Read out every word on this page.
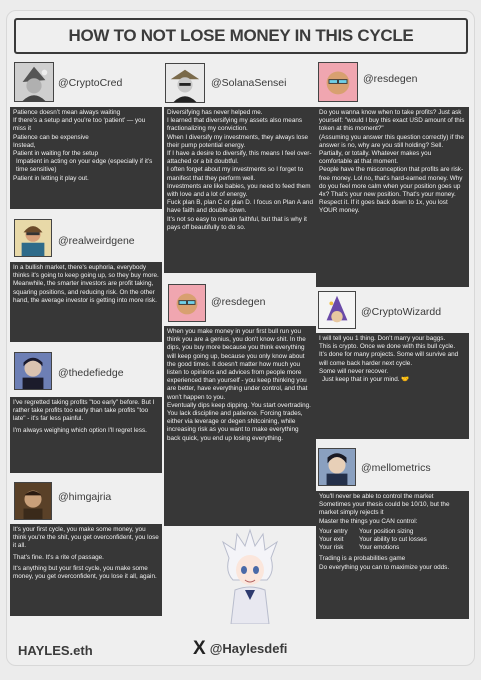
HOW TO NOT LOSE MONEY IN THIS CYCLE
@CryptoCred

Patience doesn’t mean always waiting

If there’s a setup and you’re too ‘patient’ — you miss it

Patience can be expensive

Instead,

Patient in waiting for the setup

Impatient in acting on your edge (especially if it’s time sensitive)

Patient in letting it play out.

@realweirdgene

In a bullish market, there's euphoria, everybody thinks it's going to keep going up, so they buy more.

Meanwhile, the smarter investors are profit taking, squaring positions, and reducing risk. On the other hand, the average investor is getting into more risk.

@thedefiedge

I've regretted taking profits "too early" before. But I rather take profits too early than take profits "too late" - it's far less painful.

I'm always weighing which option I'll regret less.

@himgajria

It's your first cycle, you make some money, you think you're the shit, you get overconfident, you lose it all.

That's fine. It's a rite of passage.

It's anything but your first cycle, you make some money, you get overconfident, you lose it all, again.

@SolanaSensei

Diversifying has never helped me.

I learned that diversifying my assets also means fractionalizing my conviction.

When I diversify my investments, they always lose their pump potential energy.

If I have a desire to diversify, this means I feel over-attached or a bit doubtful.

I often forget about my investments so I forget to manifest that they perform well.

Investments are like babies, you need to feed them with love and a lot of energy.

Fuck plan B, plan C or plan D. I focus on Plan A and have faith and double down.

It’s not so easy to remain faithful, but that is why it pays off beautifully to do so.

@resdegen

When you make money in your first bull run you think you are a genius, you don't know shit. In the dips, you buy more because you think everything will keep going up, because you only know about the good times. It doesn't matter how much you listen to opinions and advices from people more experienced than yourself - you keep thinking you are better, have everything under control, and that won't happen to you.

Eventually dips keep dipping. You start overtrading. You lack discipline and patience. Forcing trades, either via leverage or degen shitcoining, while increasing risk as you want to make everything back quick, you end up losing everything.

@resdegen

Do you wanna know when to take profits? Just ask yourself: "would I buy this exact USD amount of this token at this moment?"

(Assuming you answer this question correctly) if the answer is no, why are you still holding? Sell. Partially, or totally. Whatever makes you comfortable at that moment.

People have the misconception that profits are risk-free money. Lol no, that's hard-earned money. Why do you feel more calm when your position goes up 4x? That's your new position. That's your money. Respect it. If it goes back down to 1x, you lost YOUR money.

@CryptoWizardd

I will tell you 1 thing. Don’t marry your baggs.

This is crypto. Once we done with this bull cycle.

It’s done for many projects. Some will survive and will come back harder next cycle.

Some will never recover.

Just keep that in your mind. 🤝

@mellometrics

You'll never be able to control the market

Sometimes your thesis could be 10/10, but the market simply rejects it

Master the things you CAN control:

Your entry	Your position sizing
Your exit	Your ability to cut losses
Your risk	Your emotions

Trading is a probabilities game

Do everything you can to maximize your odds.

HAYLES.eth	X @Haylesdefi
